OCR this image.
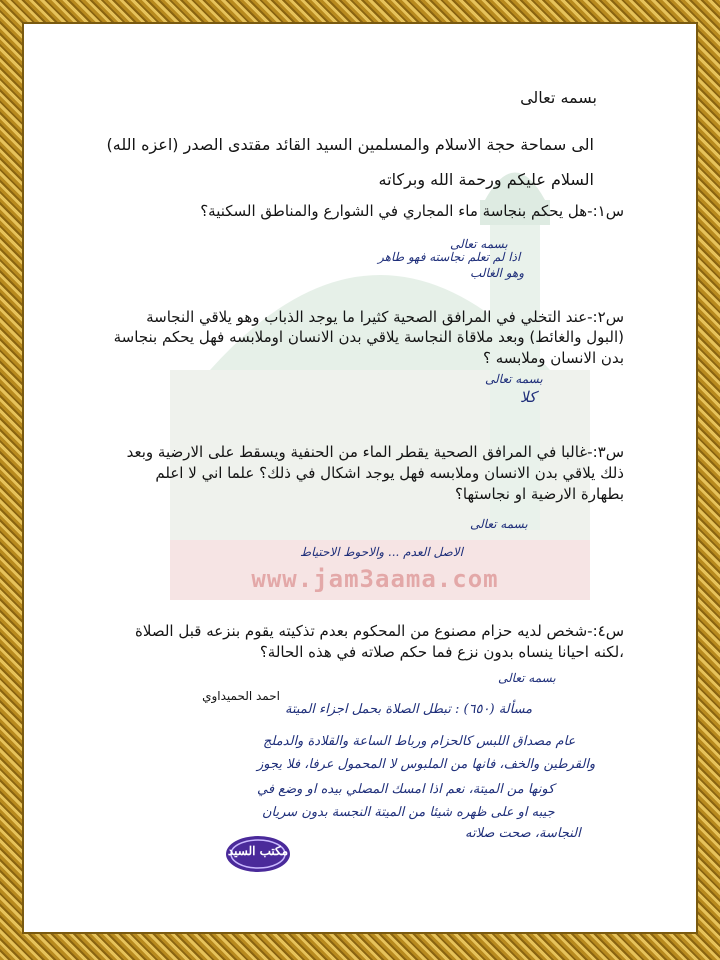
www.jam3aama.com
بسمه تعالى
الى سماحة حجة الاسلام والمسلمين السيد القائد مقتدى الصدر (اعزه الله)
السلام عليكم ورحمة الله وبركاته
س١:-هل يحكم بنجاسة ماء المجاري في الشوارع والمناطق السكنية؟
بسمه تعالى
اذا لم تعلم نجاسته فهو طاهر
وهو الغالب
س٢:-عند التخلي في المرافق الصحية كثيرا ما يوجد الذباب وهو يلاقي النجاسة
(البول والغائط) وبعد ملاقاة النجاسة يلاقي بدن الانسان اوملابسه فهل يحكم بنجاسة
بدن الانسان وملابسه ؟
بسمه تعالى
كلا
س٣:-غالبا في المرافق الصحية يقطر الماء من الحنفية ويسقط على الارضية وبعد
ذلك يلاقي بدن الانسان وملابسه فهل يوجد اشكال في ذلك؟ علما اني لا اعلم
بطهارة الارضية او نجاستها؟
بسمه تعالى
الاصل العدم ... والاحوط الاحتياط
س٤:-شخص لديه حزام مصنوع من المحكوم بعدم تذكيته يقوم بنزعه قبل الصلاة
،لكنه احيانا ينساه بدون نزع فما حكم صلاته في هذه الحالة؟
بسمه تعالى
احمد الحميداوي
مسألة (٦٥٠) : تبطل الصلاة بحمل اجزاء الميتة
عام مصداق اللبس كالحزام ورباط الساعة والقلادة والدملج
والقرطين والخف، فانها من الملبوس لا المحمول عرفا، فلا يجوز
كونها من الميتة، نعم اذا امسك المصلي بيده او وضع في
جيبه او على ظهره شيئا من الميتة النجسة بدون سريان
النجاسة، صحت صلاته
مكتب السيد
